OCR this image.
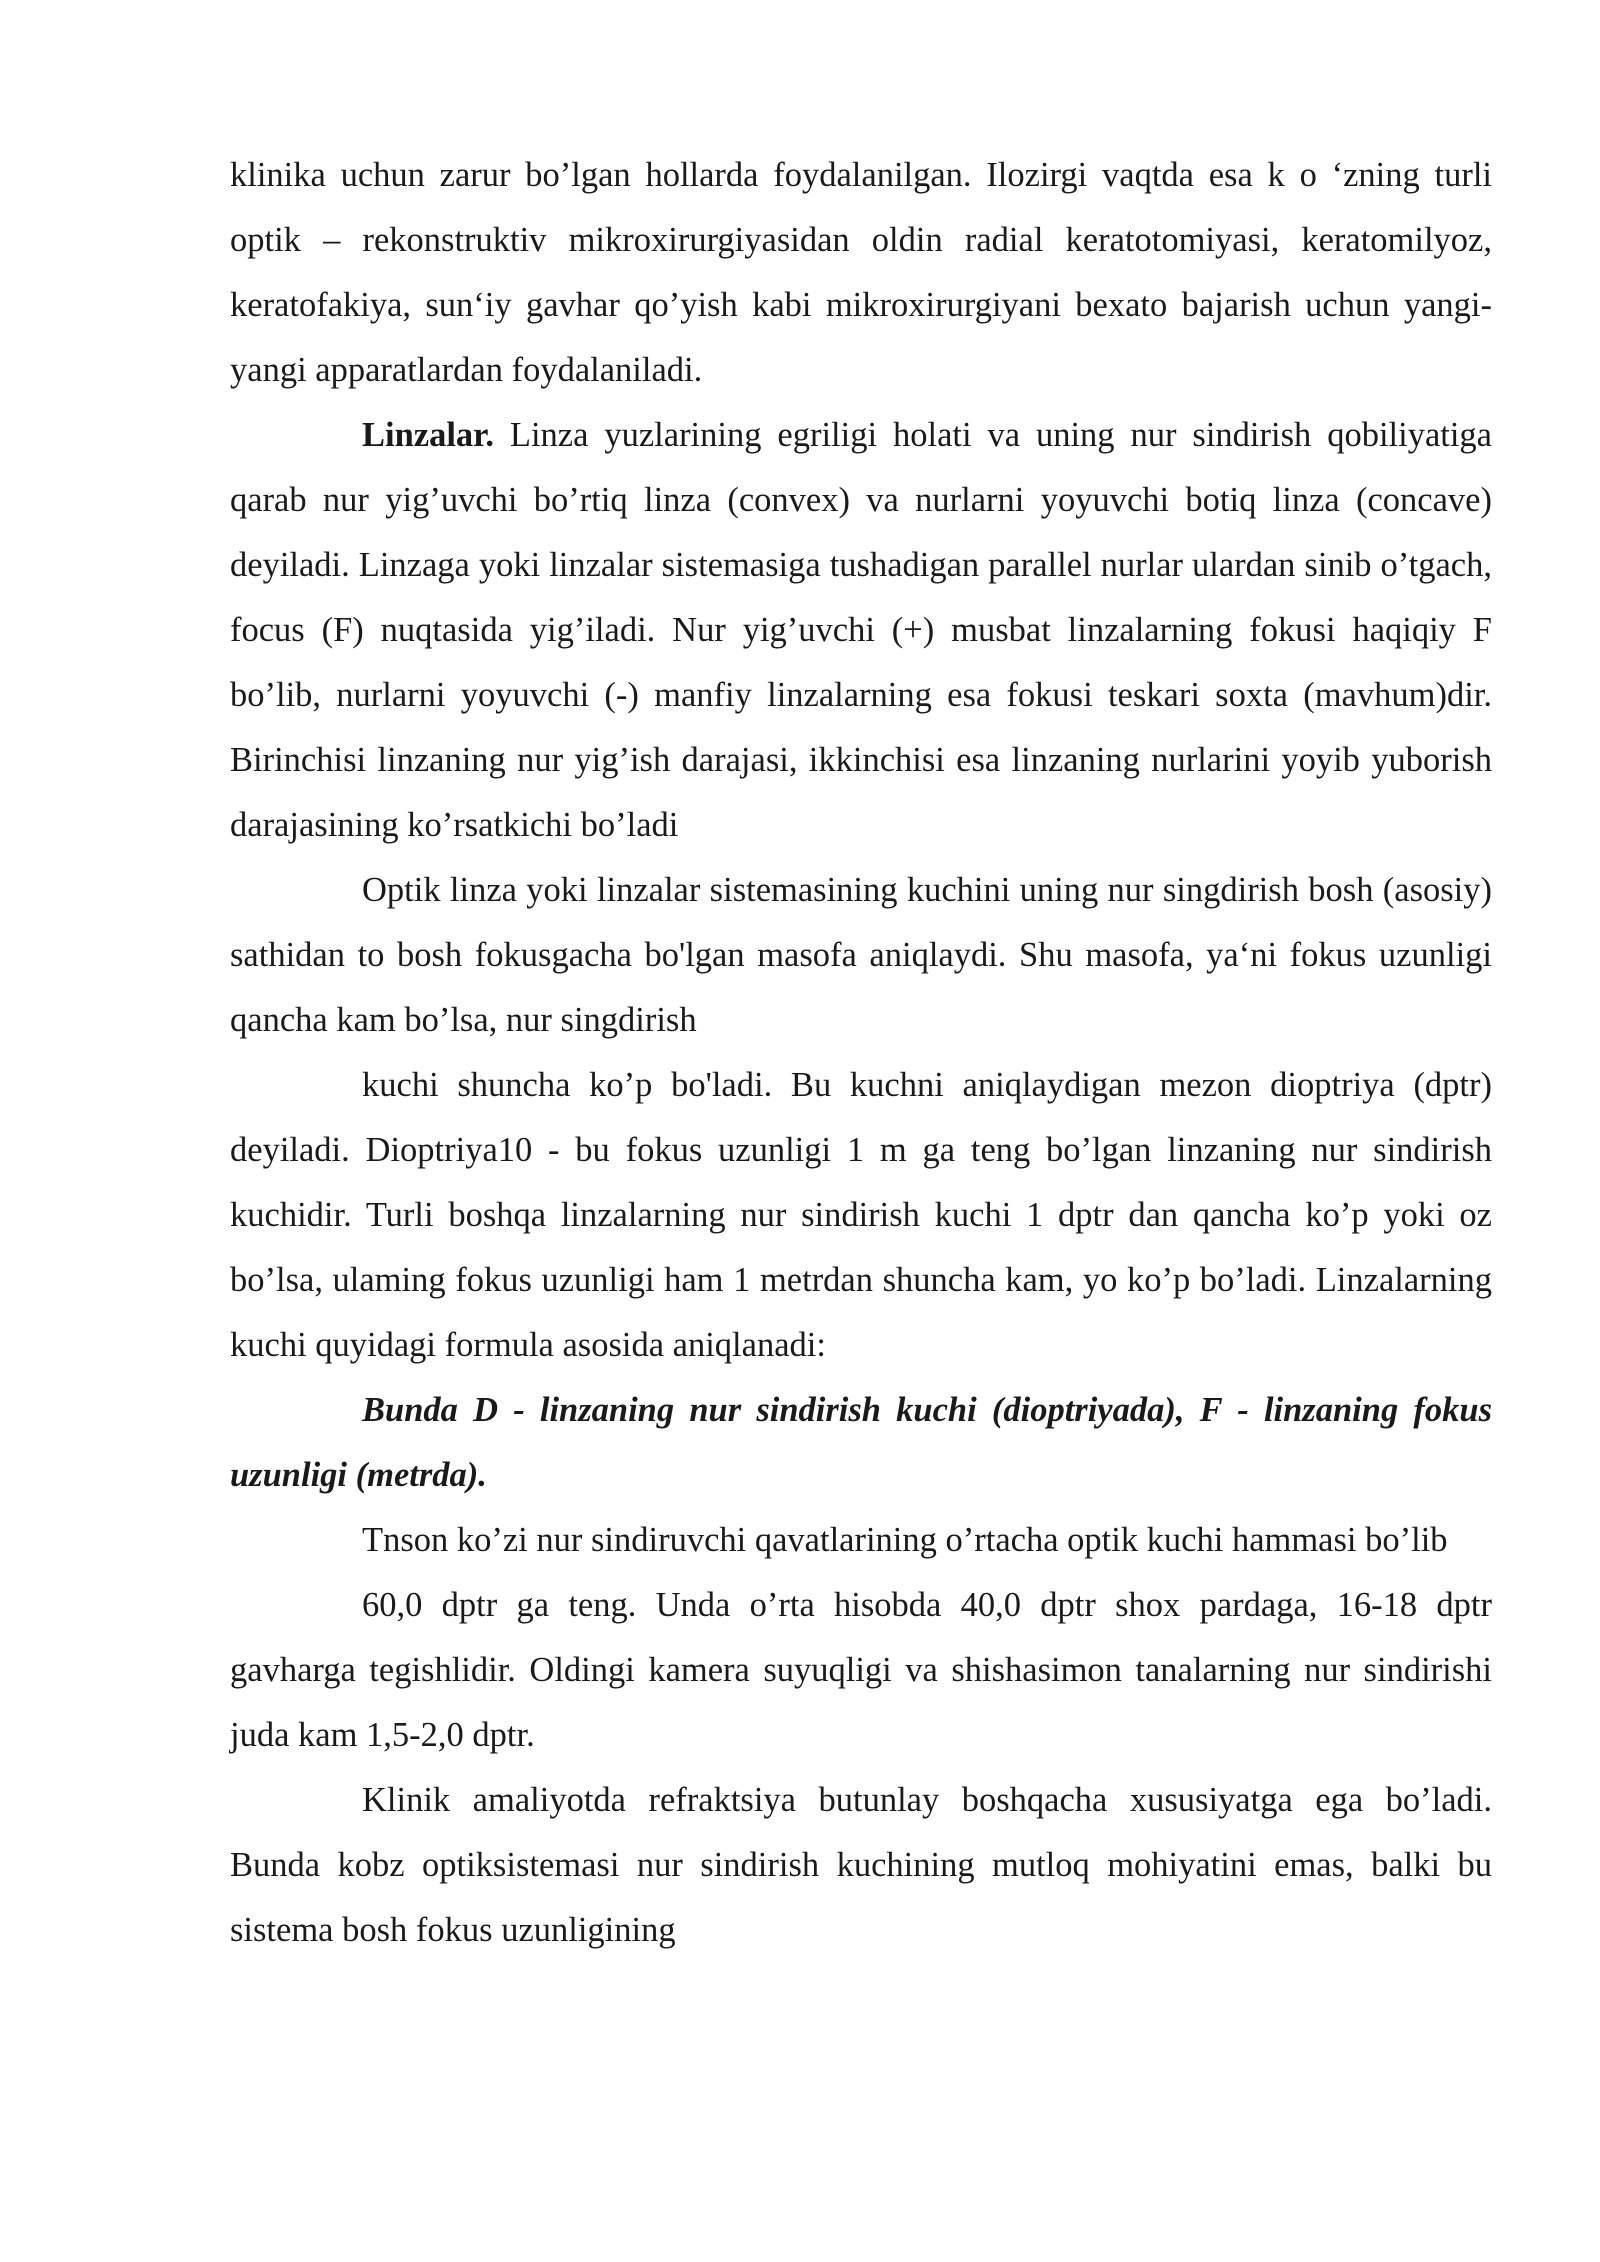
klinika uchun zarur bo’lgan hollarda foydalanilgan. Ilozirgi vaqtda esa k o ‘zning turli optik – rekonstruktiv mikroxirurgiyasidan oldin radial keratotomiyasi, keratomilyoz, keratofakiya, sun‘iy gavhar qo’yish kabi mikroxirurgiyani bexato bajarish uchun yangi-yangi apparatlardan foydalaniladi.

Linzalar. Linza yuzlarining egriligi holati va uning nur sindirish qobiliyatiga qarab nur yig’uvchi bo’rtiq linza (convex) va nurlarni yoyuvchi botiq linza (concave) deyiladi. Linzaga yoki linzalar sistemasiga tushadigan parallel nurlar ulardan sinib o’tgach, focus (F) nuqtasida yig’iladi. Nur yig’uvchi (+) musbat linzalarning fokusi haqiqiy F bo’lib, nurlarni yoyuvchi (-) manfiy linzalarning esa fokusi teskari soxta (mavhum)dir. Birinchisi linzaning nur yig’ish darajasi, ikkinchisi esa linzaning nurlarini yoyib yuborish darajasining ko’rsatkichi bo’ladi

Optik linza yoki linzalar sistemasining kuchini uning nur singdirish bosh (asosiy) sathidan to bosh fokusgacha bo'lgan masofa aniqlaydi. Shu masofa, ya‘ni fokus uzunligi qancha kam bo’lsa, nur singdirish

kuchi shuncha ko’p bo'ladi. Bu kuchni aniqlaydigan mezon dioptriya (dptr) deyiladi. Dioptriya10 - bu fokus uzunligi 1 m ga teng bo’lgan linzaning nur sindirish kuchidir. Turli boshqa linzalarning nur sindirish kuchi 1 dptr dan qancha ko’p yoki oz bo’lsa, ulaming fokus uzunligi ham 1 metrdan shuncha kam, yo ko’p bo’ladi. Linzalarning kuchi quyidagi formula asosida aniqlanadi:

Bunda D - linzaning nur sindirish kuchi (dioptriyada), F - linzaning fokus uzunligi (metrda).

Tnson ko’zi nur sindiruvchi qavatlarining o’rtacha optik kuchi hammasi bo’lib

60,0 dptr ga teng. Unda o’rta hisobda 40,0 dptr shox pardaga, 16-18 dptr gavharga tegishlidir. Oldingi kamera suyuqligi va shishasimon tanalarning nur sindirishi juda kam 1,5-2,0 dptr.

Klinik amaliyotda refraktsiya butunlay boshqacha xususiyatga ega bo’ladi. Bunda kobz optiksistemasi nur sindirish kuchining mutloq mohiyatini emas, balki bu sistema bosh fokus uzunligining
